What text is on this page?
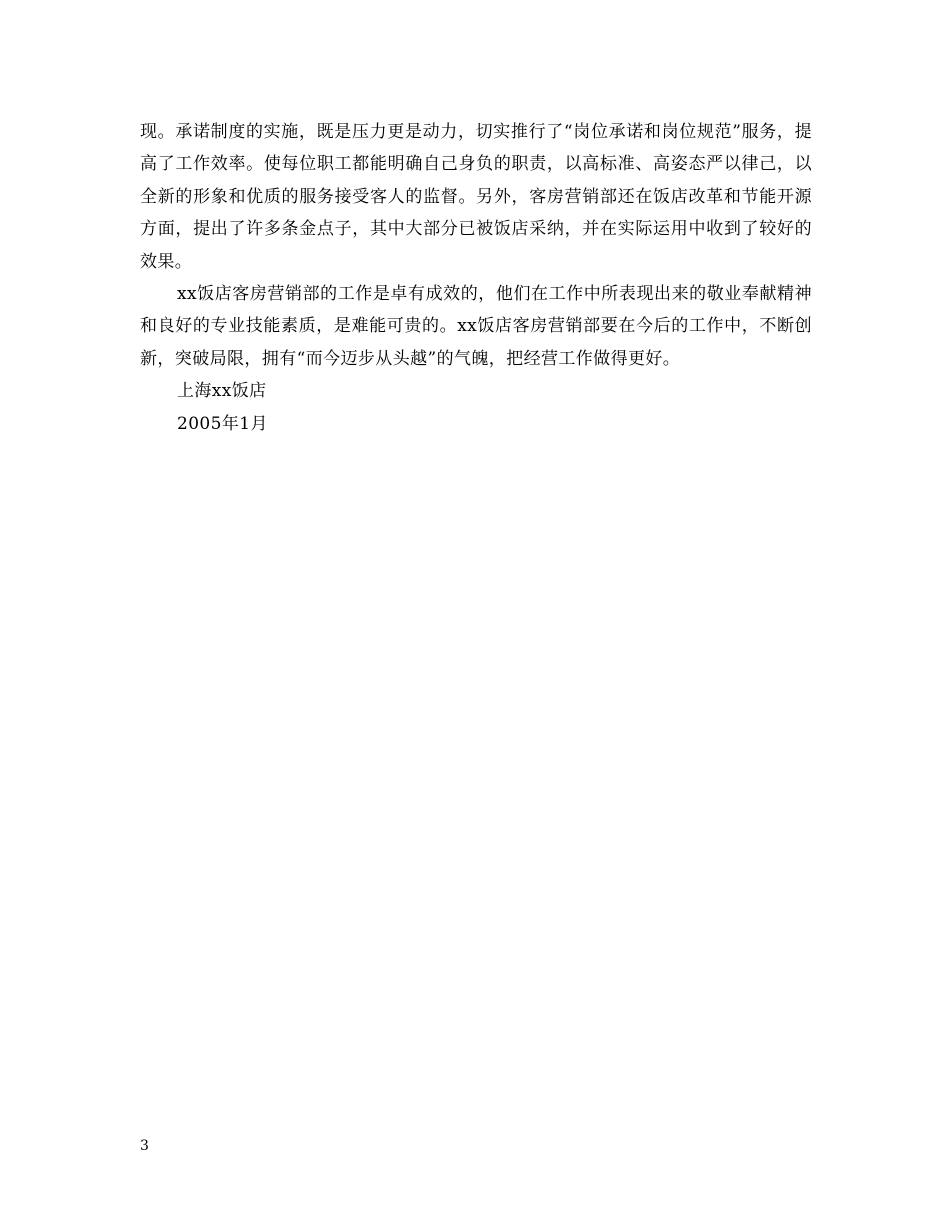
现。承诺制度的实施，既是压力更是动力，切实推行了“岗位承诺和岗位规范”服务，提高了工作效率。使每位职工都能明确自己身负的职责，以高标准、高姿态严以律己，以全新的形象和优质的服务接受客人的监督。另外，客房营销部还在饭店改革和节能开源方面，提出了许多条金点子，其中大部分已被饭店采纳，并在实际运用中收到了较好的效果。

xx饭店客房营销部的工作是卓有成效的，他们在工作中所表现出来的敬业奉献精神和良好的专业技能素质，是难能可贵的。xx饭店客房营销部要在今后的工作中，不断创新，突破局限，拥有“而今迈步从头越”的气魄，把经营工作做得更好。

上海xx饭店

2005年1月

3
